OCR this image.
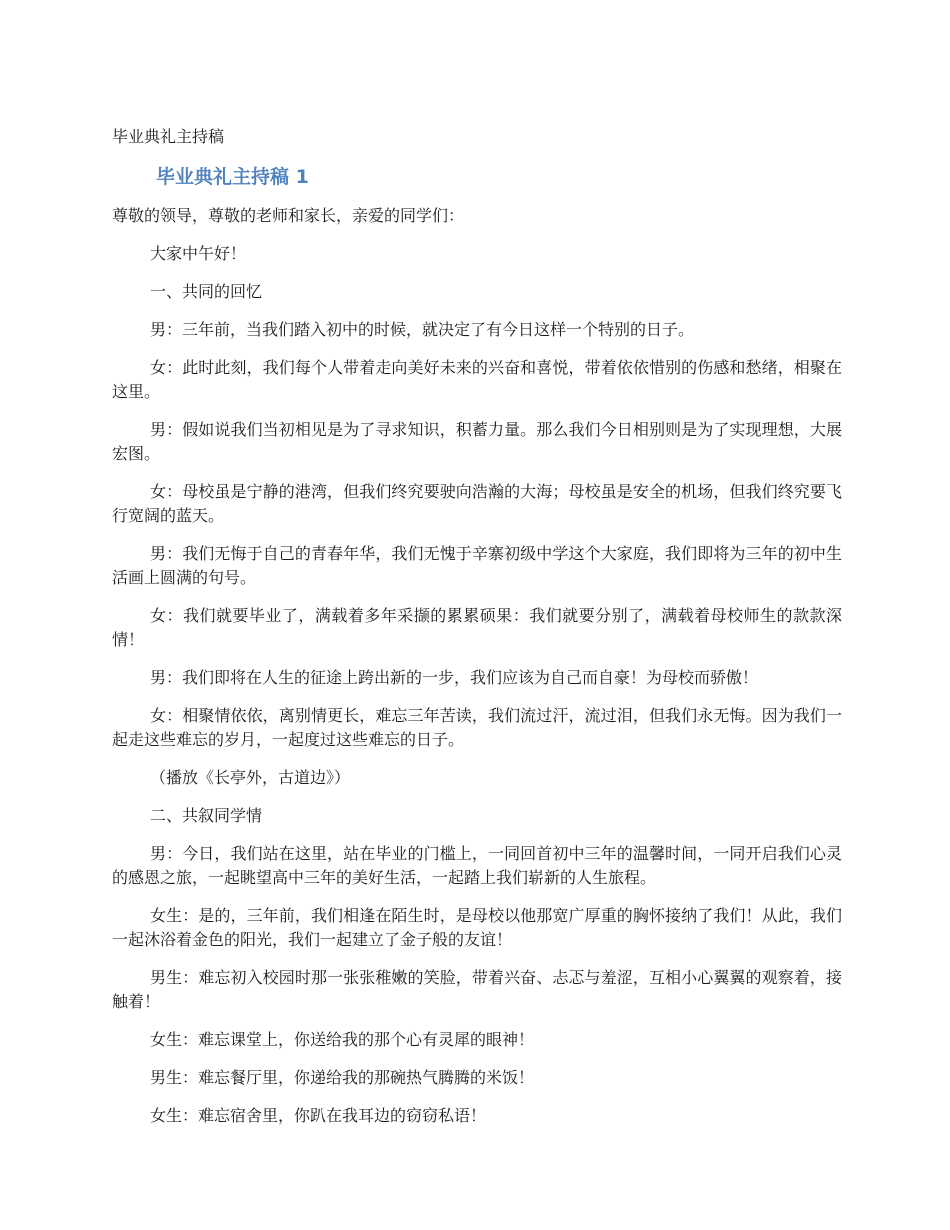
毕业典礼主持稿

毕业典礼主持稿 1

尊敬的领导，尊敬的老师和家长，亲爱的同学们：

大家中午好！

一、共同的回忆

男：三年前，当我们踏入初中的时候，就决定了有今日这样一个特别的日子。

女：此时此刻，我们每个人带着走向美好未来的兴奋和喜悦，带着依依惜别的伤感和愁绪，相聚在这里。

男：假如说我们当初相见是为了寻求知识，积蓄力量。那么我们今日相别则是为了实现理想，大展宏图。

女：母校虽是宁静的港湾，但我们终究要驶向浩瀚的大海；母校虽是安全的机场，但我们终究要飞行宽阔的蓝天。

男：我们无悔于自己的青春年华，我们无愧于辛寨初级中学这个大家庭，我们即将为三年的初中生活画上圆满的句号。

女：我们就要毕业了，满载着多年采撷的累累硕果：我们就要分别了，满载着母校师生的款款深情！

男：我们即将在人生的征途上跨出新的一步，我们应该为自己而自豪！为母校而骄傲！

女：相聚情依依，离别情更长，难忘三年苦读，我们流过汗，流过泪，但我们永无悔。因为我们一起走这些难忘的岁月，一起度过这些难忘的日子。

（播放《长亭外，古道边》）

二、共叙同学情

男：今日，我们站在这里，站在毕业的门槛上，一同回首初中三年的温馨时间，一同开启我们心灵的感恩之旅，一起眺望高中三年的美好生活，一起踏上我们崭新的人生旅程。

女生：是的，三年前，我们相逢在陌生时，是母校以他那宽广厚重的胸怀接纳了我们！从此，我们一起沐浴着金色的阳光，我们一起建立了金子般的友谊！

男生：难忘初入校园时那一张张稚嫩的笑脸，带着兴奋、忐忑与羞涩，互相小心翼翼的观察着，接触着！

女生：难忘课堂上，你送给我的那个心有灵犀的眼神！

男生：难忘餐厅里，你递给我的那碗热气腾腾的米饭！

女生：难忘宿舍里，你趴在我耳边的窃窃私语！
